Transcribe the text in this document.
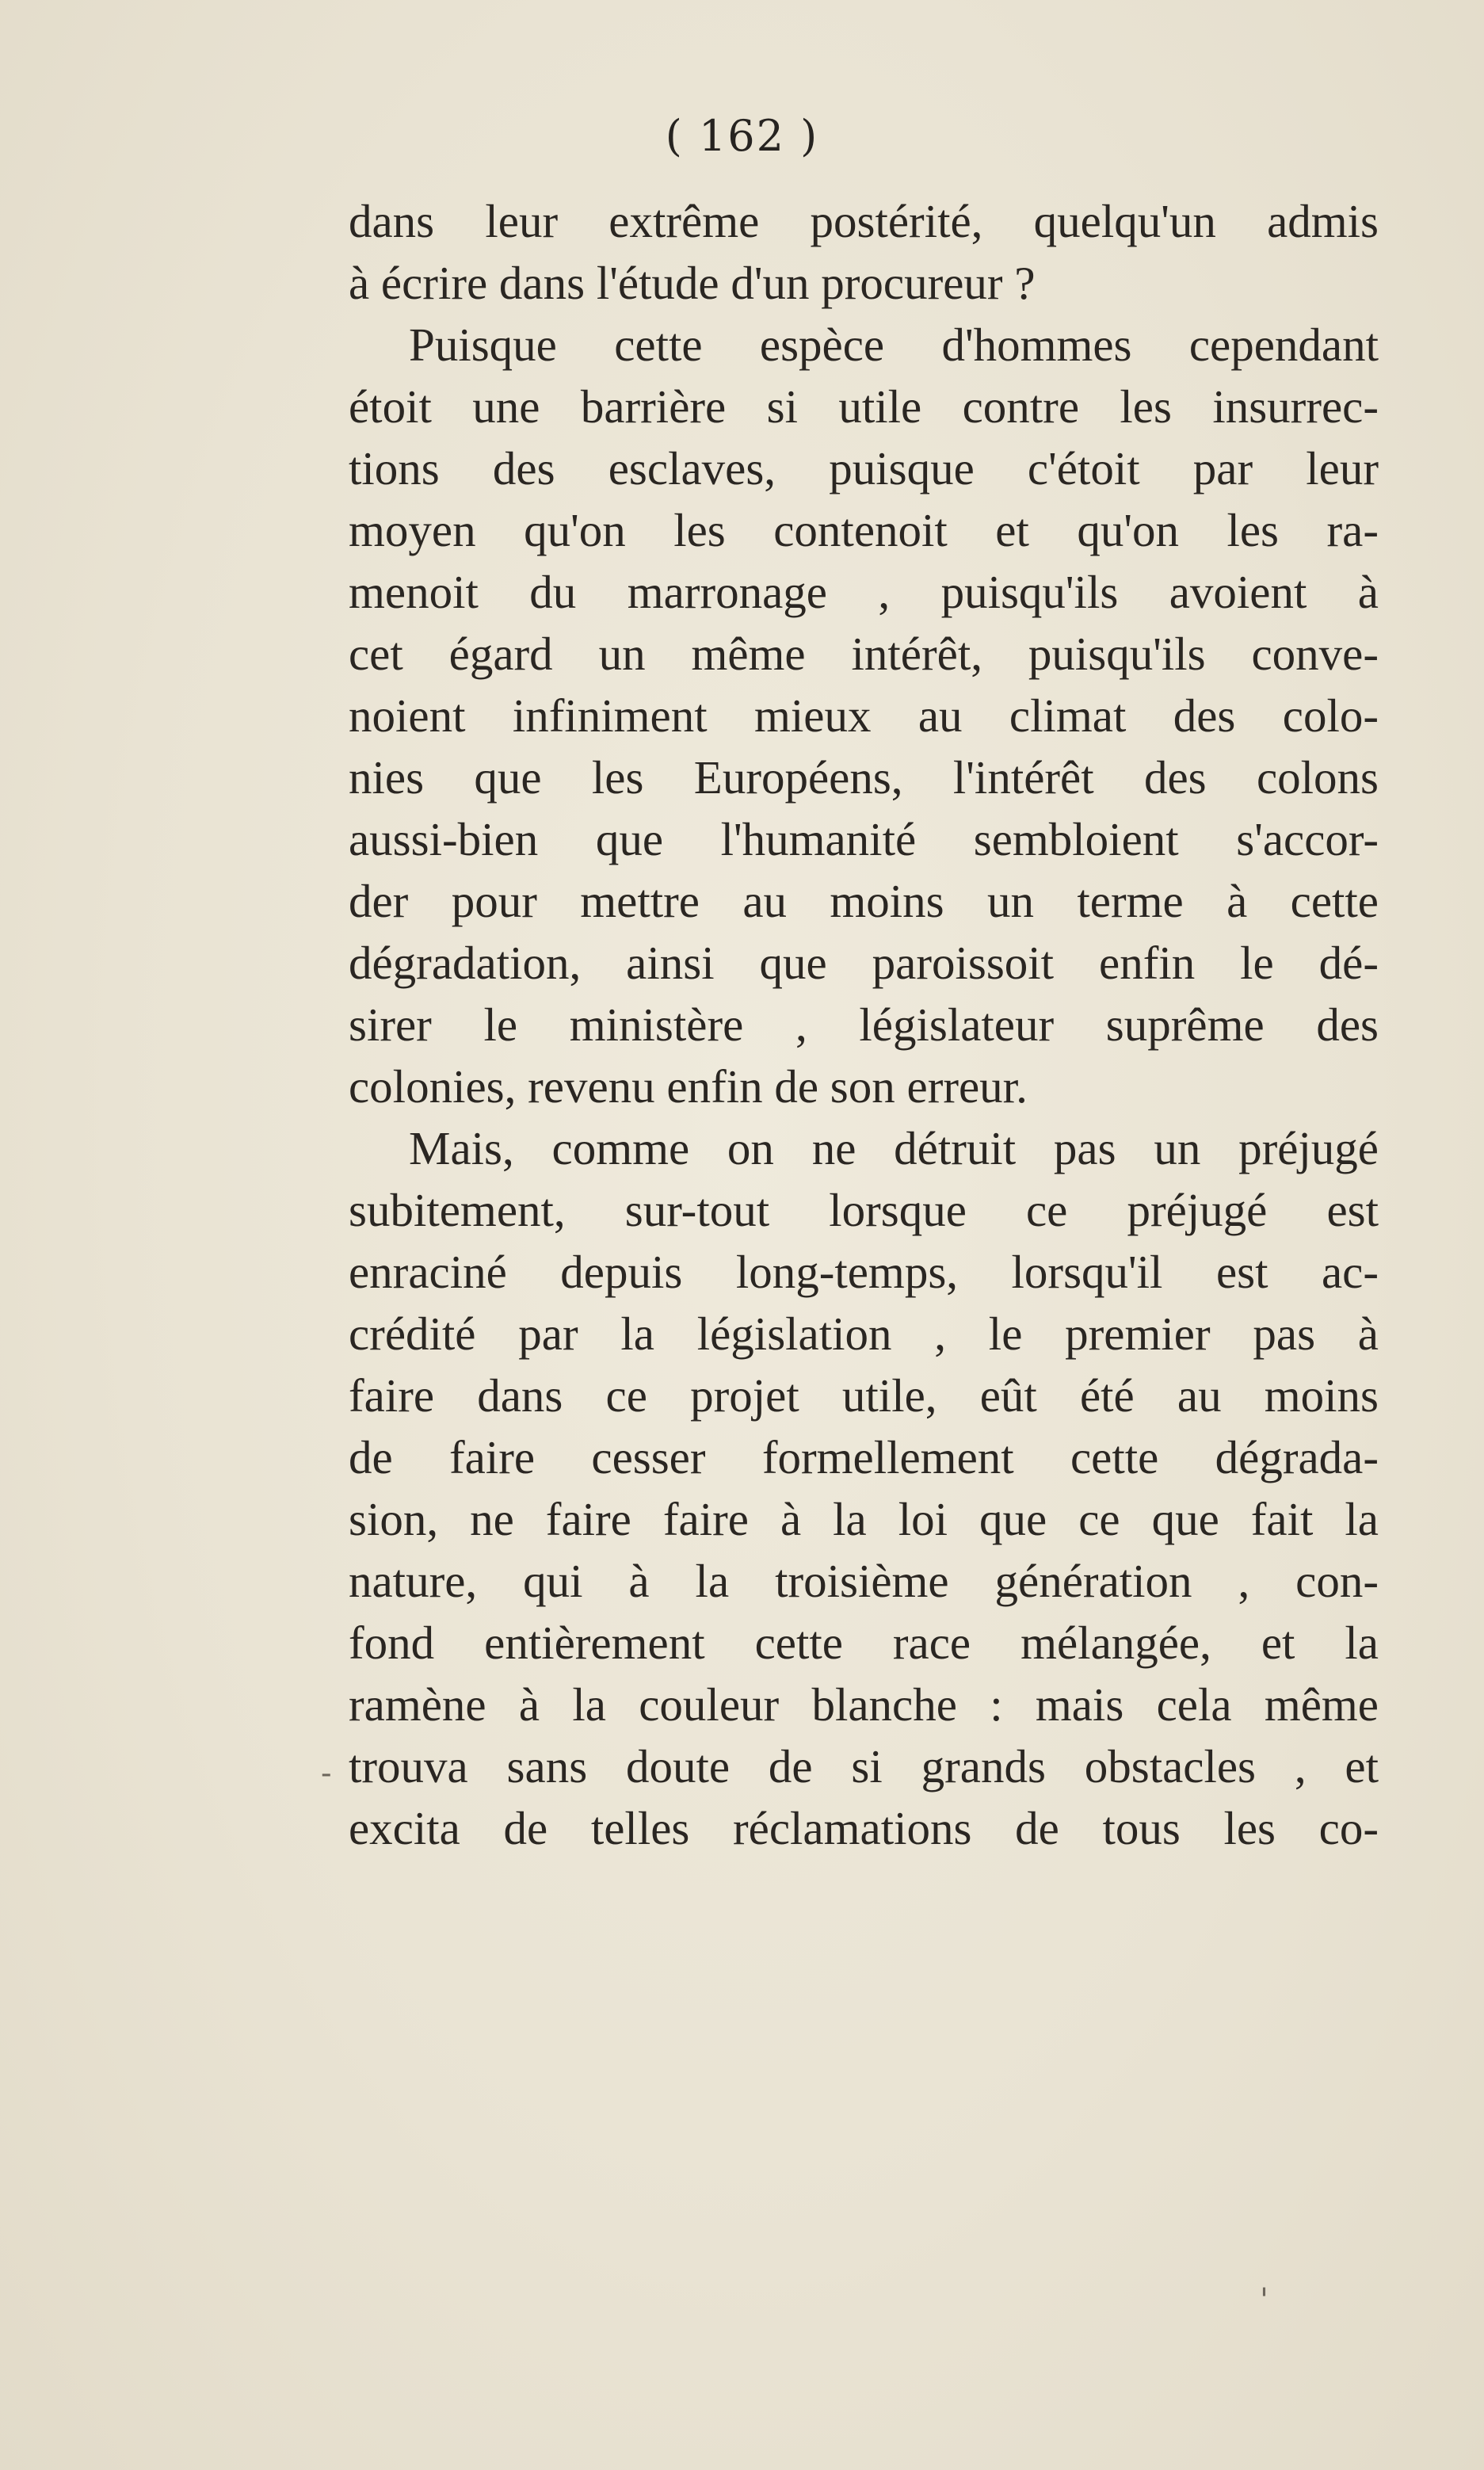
( 162 )
dans leur extrême postérité, quelqu'un admis
à écrire dans l'étude d'un procureur ?
Puisque cette espèce d'hommes cependant
étoit une barrière si utile contre les insurrec-
tions des esclaves, puisque c'étoit par leur
moyen qu'on les contenoit et qu'on les ra-
menoit du marronage , puisqu'ils avoient à
cet égard un même intérêt, puisqu'ils conve-
noient infiniment mieux au climat des colo-
nies que les Européens, l'intérêt des colons
aussi-bien que l'humanité sembloient s'accor-
der pour mettre au moins un terme à cette
dégradation, ainsi que paroissoit enfin le dé-
sirer le ministère , législateur suprême des
colonies, revenu enfin de son erreur.
Mais, comme on ne détruit pas un préjugé
subitement, sur-tout lorsque ce préjugé est
enraciné depuis long-temps, lorsqu'il est ac-
crédité par la législation , le premier pas à
faire dans ce projet utile, eût été au moins
de faire cesser formellement cette dégrada-
sion, ne faire faire à la loi que ce que fait la
nature, qui à la troisième génération , con-
fond entièrement cette race mélangée, et la
ramène à la couleur blanche : mais cela même
trouva sans doute de si grands obstacles , et
excita de telles réclamations de tous les co-
-
'
